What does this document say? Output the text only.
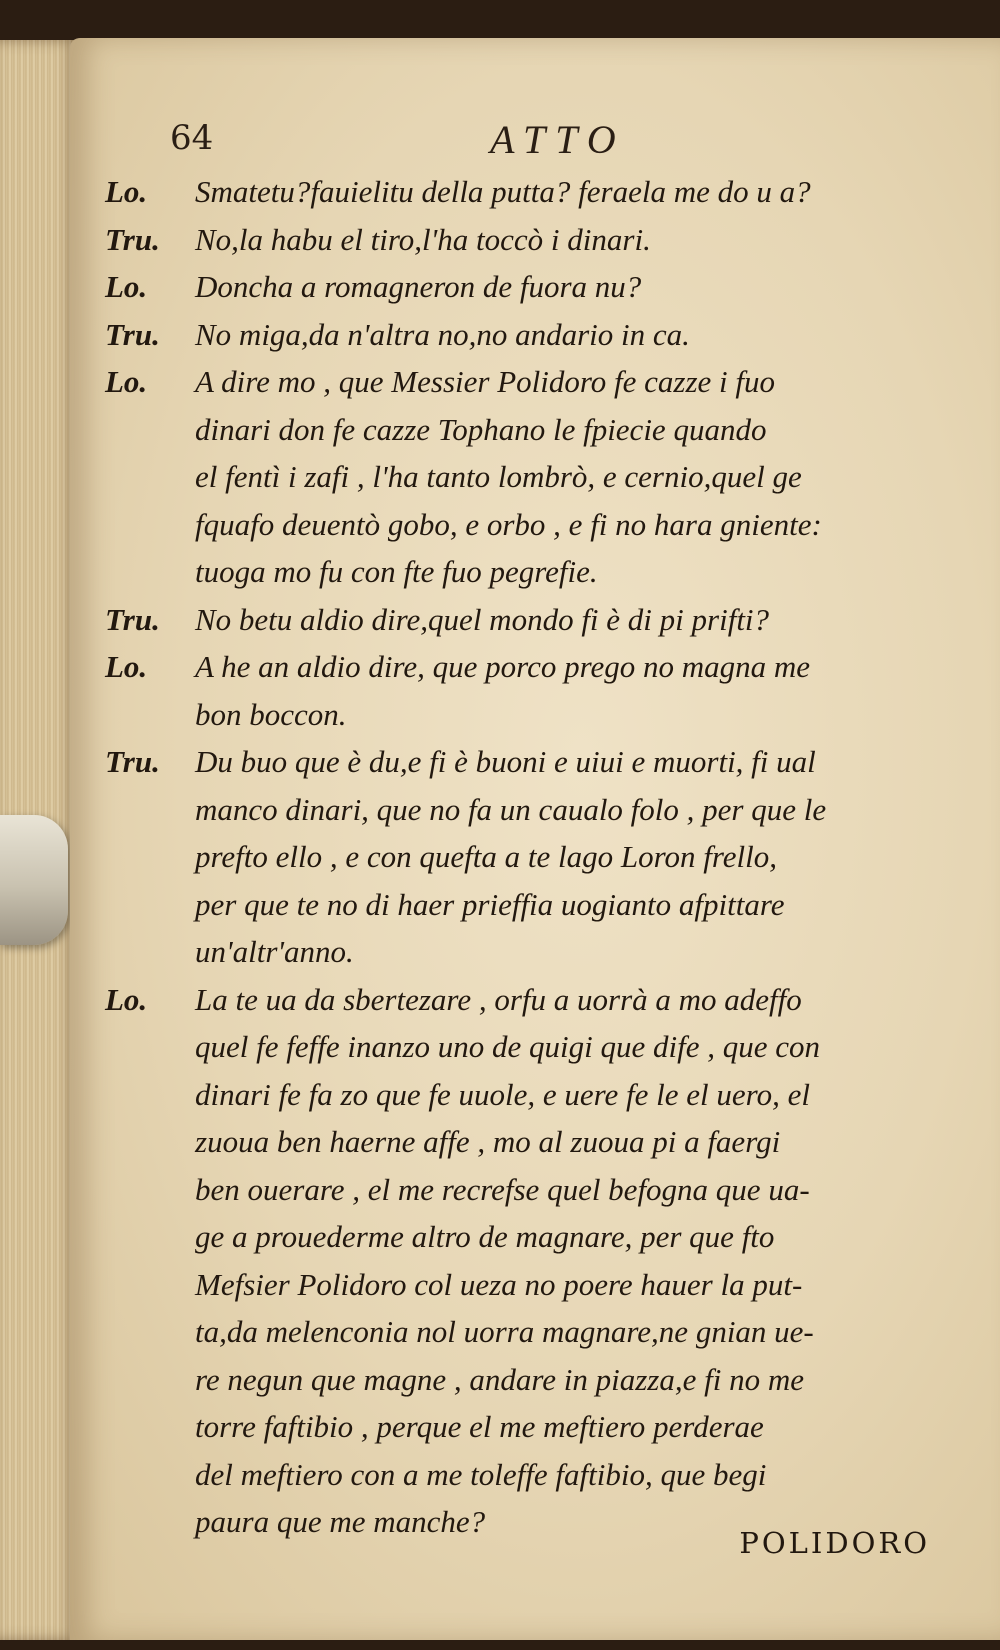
64	ATTO
Lo.	Smatetu?fauielitu della putta? feraela me do u a?
Tru.	No,la habu el tiro,l'ha toccò i dinari.
Lo.	Doncha a romagneron de fuora nu?
Tru.	No miga,da n'altra no,no andario in ca.
Lo.	A dire mo , que Messier Polidoro fe cazze i fuo
dinari don fe cazze Tophano le fpiecie quando
el fentì i zafi , l'ha tanto lombrò, e cernio,quel ge
fquafo deuentò gobo, e orbo , e fi no hara gniente:
tuoga mo fu con fte fuo pegrefie.
Tru.	No betu aldio dire,quel mondo fi è di pi prifti?
Lo.	A he an aldio dire, que porco prego no magna me
bon boccon.
Tru.	Du buo que è du,e fi è buoni e uiui e muorti, fi ual
manco dinari, que no fa un caualo folo , per que le
prefto ello , e con quefta a te lago Loron frello,
per que te no di haer prieffia uogianto afpittare
un'altr'anno.
Lo.	La te ua da sbertezare , orfu a uorrà a mo adeffo
quel fe feffe inanzo uno de quigi que dife , que con
dinari fe fa zo que fe uuole, e uere fe le el uero, el
zuoua ben haerne affe , mo al zuoua pi a faergi
ben ouerare , el me recrefse quel befogna que ua-
ge a prouederme altro de magnare, per que fto
Mefsier Polidoro col ueza no poere hauer la put-
ta,da melenconia nol uorra magnare,ne gnian ue-
re negun que magne , andare in piazza,e fi no me
torre faftibio , perque el me meftiero perderae
del meftiero con a me toleffe faftibio, que begi
paura que me manche?
POLIDORO
